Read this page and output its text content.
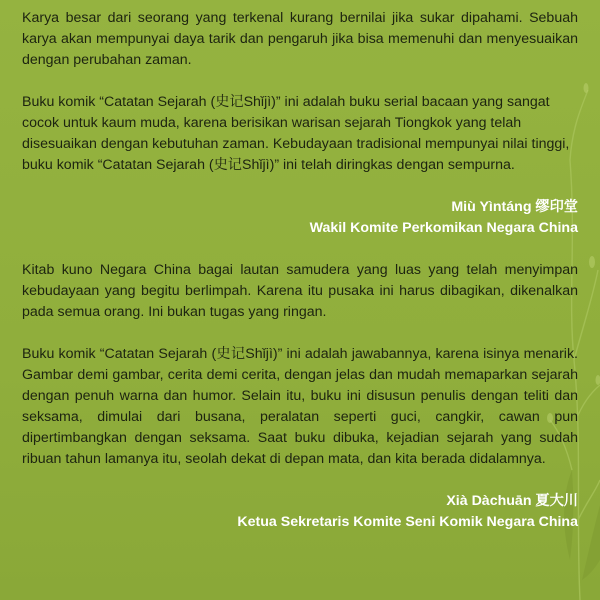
Karya besar dari seorang yang terkenal kurang bernilai jika sukar dipahami. Sebuah karya akan mempunyai daya tarik dan pengaruh jika bisa memenuhi dan menyesuaikan dengan perubahan zaman.

Buku komik “Catatan Sejarah (史记Shǐjì)” ini adalah buku serial bacaan yang sangat cocok untuk kaum muda, karena berisikan warisan sejarah Tiongkok yang telah disesuaikan dengan kebutuhan zaman. Kebudayaan tradisional mempunyai nilai tinggi, buku komik “Catatan Sejarah (史记Shǐjì)” ini telah diringkas dengan sempurna.

Miù Yìntáng 缪印堂
Wakil Komite Perkomikan Negara China

Kitab kuno Negara China bagai lautan samudera yang luas yang telah menyimpan kebudayaan yang begitu berlimpah. Karena itu pusaka ini harus dibagikan, dikenalkan pada semua orang. Ini bukan tugas yang ringan.

Buku komik “Catatan Sejarah (史记Shǐjì)” ini adalah jawabannya, karena isinya menarik. Gambar demi gambar, cerita demi cerita, dengan jelas dan mudah memaparkan sejarah dengan penuh warna dan humor. Selain itu, buku ini disusun penulis dengan teliti dan seksama, dimulai dari busana, peralatan seperti guci, cangkir, cawan pun dipertimbangkan dengan seksama. Saat buku dibuka, kejadian sejarah yang sudah ribuan tahun lamanya itu, seolah dekat di depan mata, dan kita berada didalamnya.

Xià Dàchuān 夏大川
Ketua Sekretaris Komite Seni Komik Negara China
